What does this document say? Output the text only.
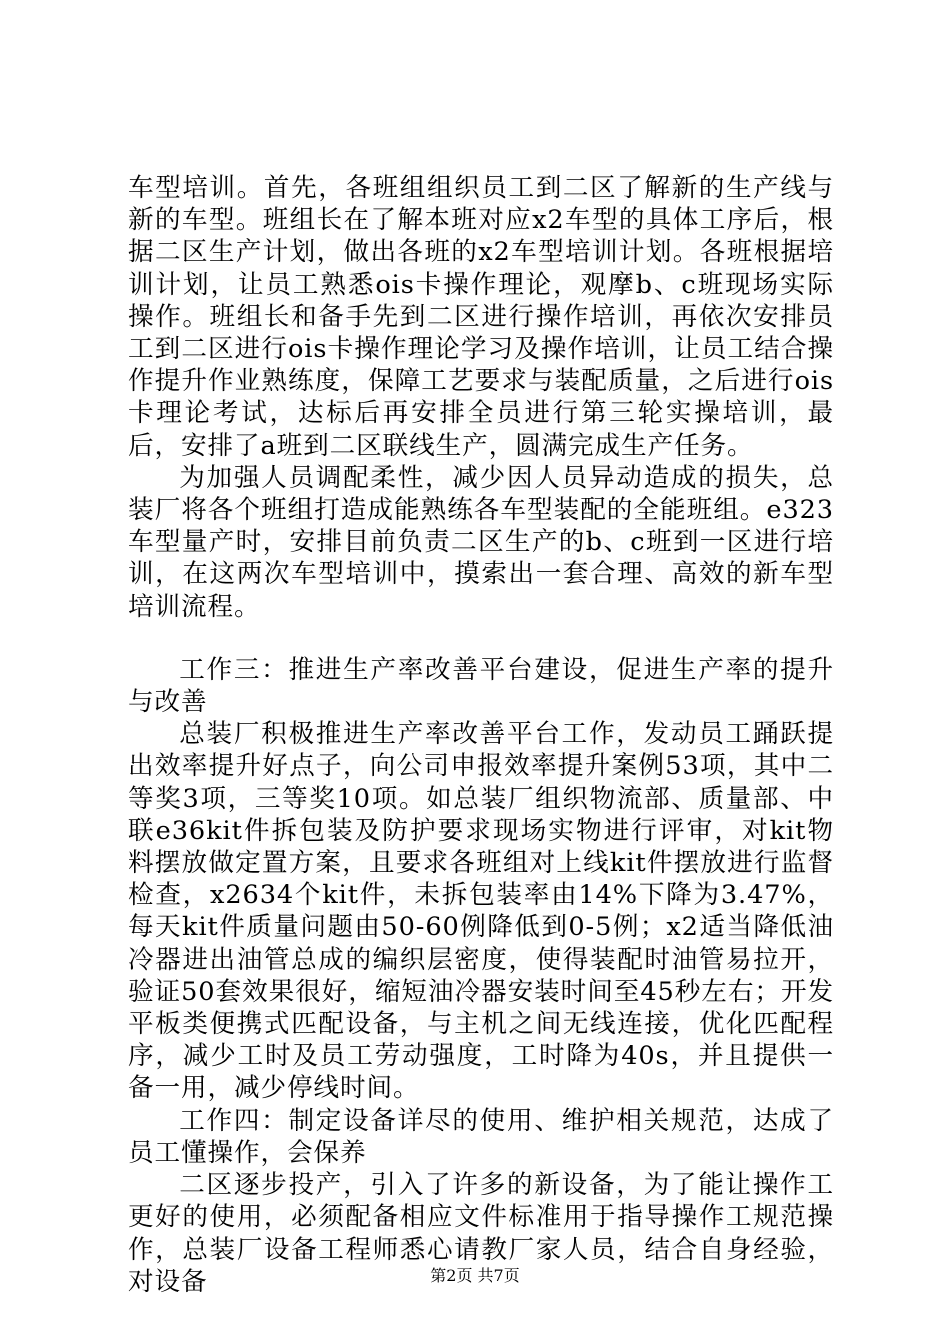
车型培训。首先，各班组组织员工到二区了解新的生产线与新的车型。班组长在了解本班对应x2车型的具体工序后，根据二区生产计划，做出各班的x2车型培训计划。各班根据培训计划，让员工熟悉ois卡操作理论，观摩b、c班现场实际操作。班组长和备手先到二区进行操作培训，再依次安排员工到二区进行ois卡操作理论学习及操作培训，让员工结合操作提升作业熟练度，保障工艺要求与装配质量，之后进行ois卡理论考试，达标后再安排全员进行第三轮实操培训，最后，安排了a班到二区联线生产，圆满完成生产任务。

为加强人员调配柔性，减少因人员异动造成的损失，总装厂将各个班组打造成能熟练各车型装配的全能班组。e323车型量产时，安排目前负责二区生产的b、c班到一区进行培训，在这两次车型培训中，摸索出一套合理、高效的新车型培训流程。

工作三：推进生产率改善平台建设，促进生产率的提升与改善

总装厂积极推进生产率改善平台工作，发动员工踊跃提出效率提升好点子，向公司申报效率提升案例53项，其中二等奖3项，三等奖10项。如总装厂组织物流部、质量部、中联e36kit件拆包装及防护要求现场实物进行评审，对kit物料摆放做定置方案，且要求各班组对上线kit件摆放进行监督检查，x2634个kit件，未拆包装率由14%下降为3.47%，每天kit件质量问题由50-60例降低到0-5例；x2适当降低油冷器进出油管总成的编织层密度，使得装配时油管易拉开，验证50套效果很好，缩短油冷器安装时间至45秒左右；开发平板类便携式匹配设备，与主机之间无线连接，优化匹配程序，减少工时及员工劳动强度，工时降为40s，并且提供一备一用，减少停线时间。

工作四：制定设备详尽的使用、维护相关规范，达成了员工懂操作，会保养

二区逐步投产，引入了许多的新设备，为了能让操作工更好的使用，必须配备相应文件标准用于指导操作工规范操作，总装厂设备工程师悉心请教厂家人员，结合自身经验，对设备	第2页 共7页
